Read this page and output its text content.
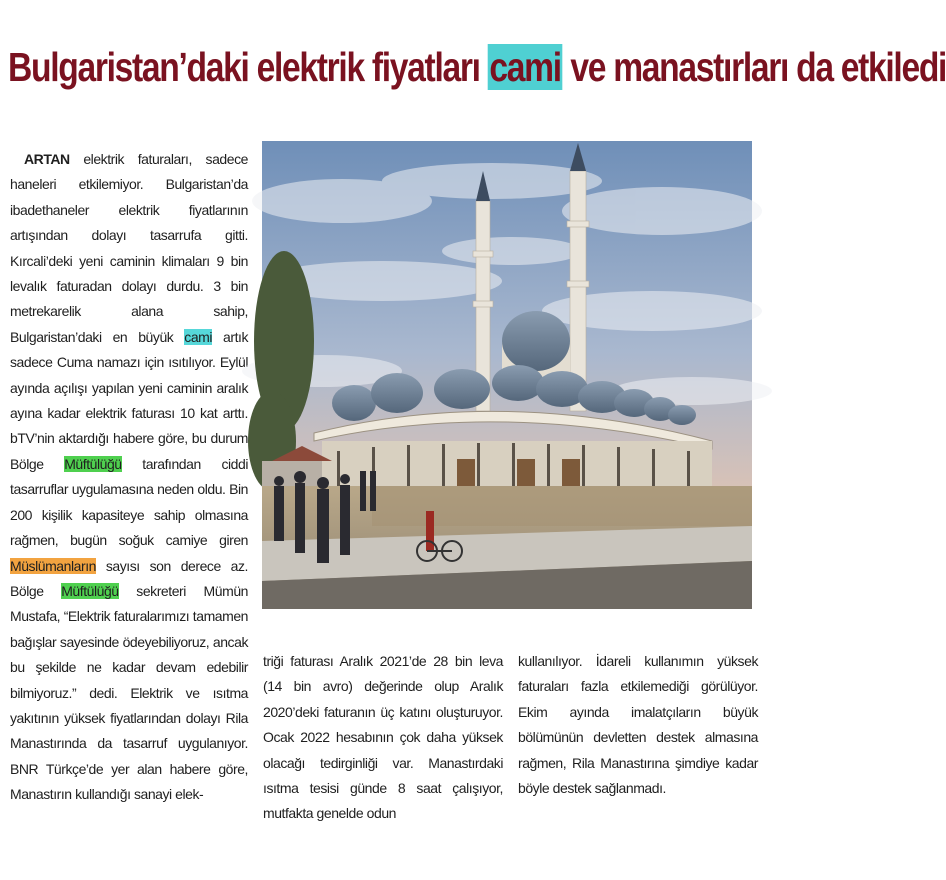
Bulgaristan’daki elektrik fiyatları cami ve manastırları da etkiledi
ARTAN elektrik faturaları, sadece haneleri etkilemiyor. Bulgaristan’da ibadethaneler elektrik fiyatlarının artışından dolayı tasarrufa gitti. Kırcali’deki yeni caminin klimaları 9 bin levalık faturadan dolayı durdu. 3 bin metrekarelik alana sahip, Bulgaristan’daki en büyük cami artık sadece Cuma namazı için ısıtılıyor. Eylül ayında açılışı yapılan yeni caminin aralık ayına kadar elektrik faturası 10 kat arttı. bTV’nin aktardığı habere göre, bu durum Bölge Müftülüğü tarafından ciddi tasarruflar uygulamasına neden oldu. Bin 200 kişilik kapasiteye sahip olmasına rağmen, bugün soğuk camiye giren Müslümanların sayısı son derece az. Bölge Müftülüğü sekreteri Mümün Mustafa, “Elektrik faturalarımızı tamamen bağışlar sayesinde ödeyebiliyoruz, ancak bu şekilde ne kadar devam edebilir bilmiyoruz.” dedi. Elektrik ve ısıtma yakıtının yüksek fiyatlarından dolayı Rila Manastırında da tasarruf uygulanıyor. BNR Türkçe’de yer alan habere göre, Manastırın kullandığı sanayi elek-
triği faturası Aralık 2021’de 28 bin leva (14 bin avro) değerinde olup Aralık 2020’deki faturanın üç katını oluşturuyor. Ocak 2022 hesabının çok daha yüksek olacağı tedirginliği var. Manastırdaki ısıtma tesisi günde 8 saat çalışıyor, mutfakta genelde odun
kullanılıyor. İdareli kullanımın yüksek faturaları fazla etkilemediği görülüyor. Ekim ayında imalatçıların büyük bölümünün devletten destek almasına rağmen, Rila Manastırına şimdiye kadar böyle destek sağlanmadı.
